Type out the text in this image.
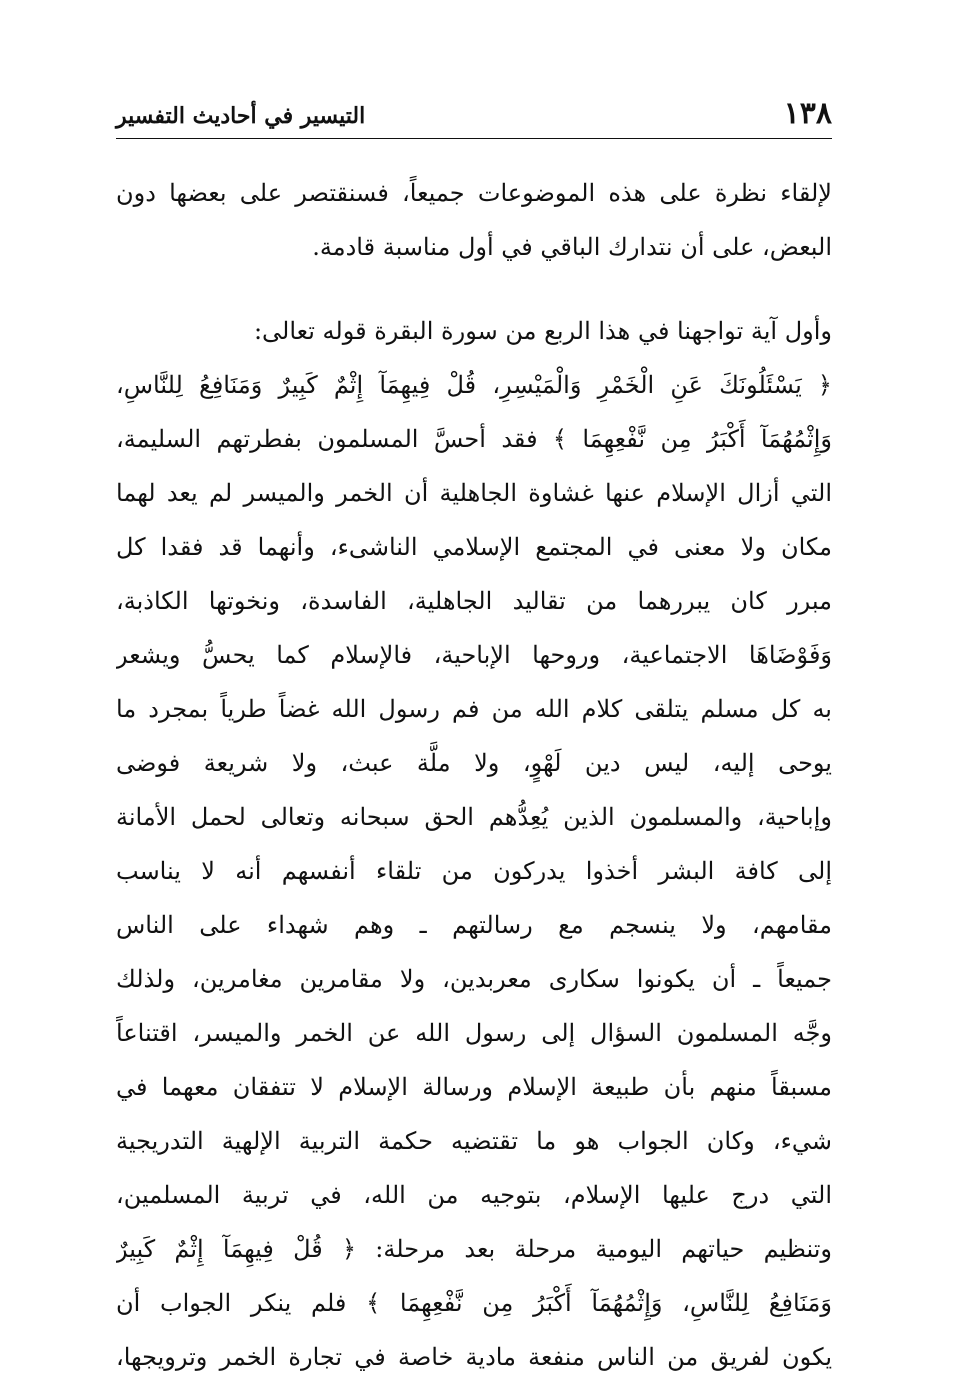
١٣٨
التيسير في أحاديث التفسير
لإلقاء نظرة على هذه الموضوعات جميعاً، فسنقتصر على بعضها دون
البعض، على أن نتدارك الباقي في أول مناسبة قادمة.
وأول آية تواجهنا في هذا الربع من سورة البقرة قوله تعالى:
﴿ يَسْئَلُونَكَ عَنِ الْخَمْرِ وَالْمَيْسِرِ، قُلْ فِيهِمَآ إِثْمٌ كَبِيرٌ وَمَنَافِعُ لِلنَّاسِ،
وَإِثْمُهُمَآ أَكْبَرُ مِن نَّفْعِهِمَا ﴾ فقد أحسَّ المسلمون بفطرتهم السليمة،
التي أزال الإسلام عنها غشاوة الجاهلية أن الخمر والميسر لم يعد لهما
مكان ولا معنى في المجتمع الإسلامي الناشىء، وأنهما قد فقدا كل
مبرر كان يبررهما من تقاليد الجاهلية، الفاسدة، ونخوتها الكاذبة،
وَفَوْضَاهَا الاجتماعية، وروحها الإباحية، فالإسلام كما يحسُّ ويشعر
به كل مسلم يتلقى كلام الله من فم رسول الله غضاً طرياً بمجرد ما
يوحى إليه، ليس دين لَهْوٍ، ولا ملَّة عبث، ولا شريعة فوضى
وإباحية، والمسلمون الذين يُعِدُّهم الحق سبحانه وتعالى لحمل الأمانة
إلى كافة البشر أخذوا يدركون من تلقاء أنفسهم أنه لا يناسب
مقامهم، ولا ينسجم مع رسالتهم ـ وهم شهداء على الناس
جميعاً ـ أن يكونوا سكارى معربدين، ولا مقامرين مغامرين، ولذلك
وجَّه المسلمون السؤال إلى رسول الله عن الخمر والميسر، اقتناعاً
مسبقاً منهم بأن طبيعة الإسلام ورسالة الإسلام لا تتفقان معهما في
شيء، وكان الجواب هو ما تقتضيه حكمة التربية الإلهية التدريجية
التي درج عليها الإسلام، بتوجيه من الله، في تربية المسلمين،
وتنظيم حياتهم اليومية مرحلة بعد مرحلة: ﴿ قُلْ فِيهِمَآ إِثْمٌ كَبِيرٌ
وَمَنَافِعُ لِلنَّاسِ، وَإِثْمُهُمَآ أَكْبَرُ مِن نَّفْعِهِمَا ﴾ فلم ينكر الجواب أن
يكون لفريق من الناس منفعة مادية خاصة في تجارة الخمر وترويجها،
